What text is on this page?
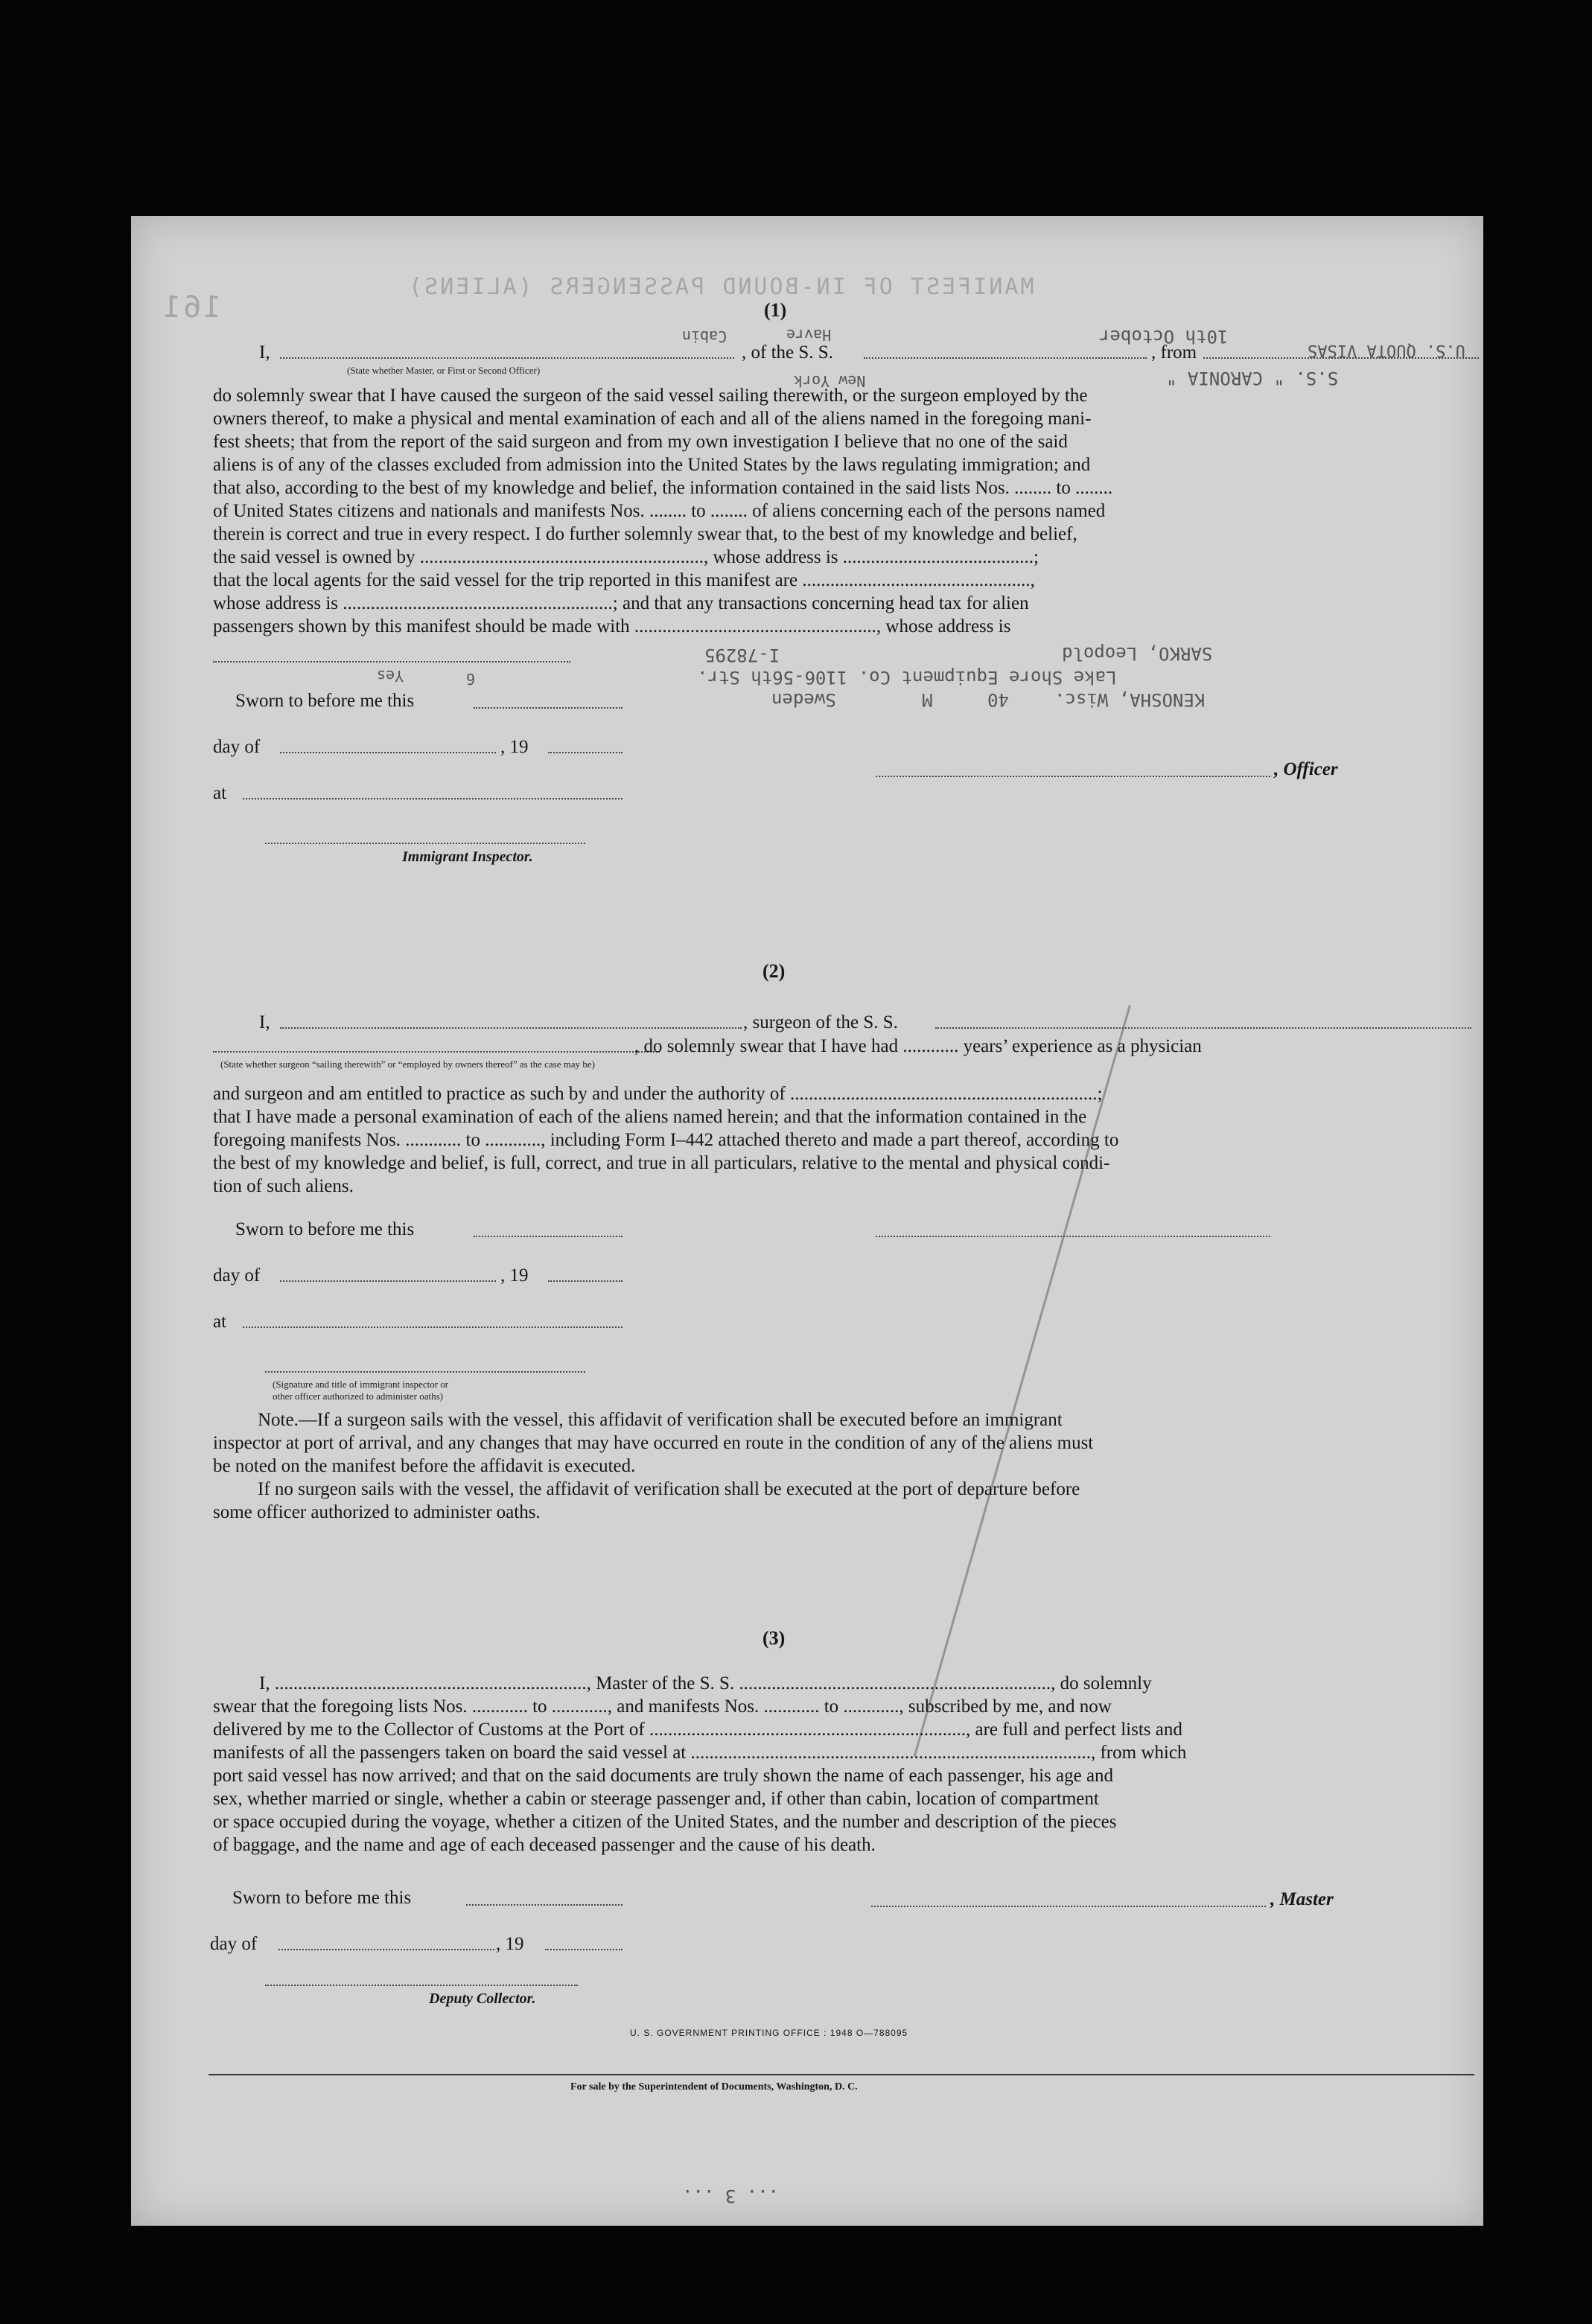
MANIFEST OF IN-BOUND PASSENGERS (ALIENS)
161
10th October
Havre
Cabin
U.S. QUOTA VISAS
S.S. " CARONIA "
New York
SARKO, Leopold
Lake Shore Equipment Co. 1106-56th Str.
KENOSHA, Wisc.
40
M
Sweden
I-78295
Yes	6
... 3 ...
(1)
I,	, of the S. S.	, from
(State whether Master, or First or Second Officer)
do solemnly swear that I have caused the surgeon of the said vessel sailing therewith, or the surgeon employed by the
owners thereof, to make a physical and mental examination of each and all of the aliens named in the foregoing mani-
fest sheets; that from the report of the said surgeon and from my own investigation I believe that no one of the said
aliens is of any of the classes excluded from admission into the United States by the laws regulating immigration; and
that also, according to the best of my knowledge and belief, the information contained in the said lists Nos. ........ to ........
of United States citizens and nationals and manifests Nos. ........ to ........ of aliens concerning each of the persons named
therein is correct and true in every respect. I do further solemnly swear that, to the best of my knowledge and belief,
the said vessel is owned by ............................................................., whose address is .........................................;
that the local agents for the said vessel for the trip reported in this manifest are .................................................,
whose address is ..........................................................; and that any transactions concerning head tax for alien
passengers shown by this manifest should be made with ...................................................., whose address is
Sworn to before me this
day of	, 19
at
, Officer
Immigrant Inspector.
(2)
I,	, surgeon of the S. S.
, do solemnly swear that I have had ............ years’ experience as a physician
(State whether surgeon “sailing therewith” or “employed by owners thereof” as the case may be)
and surgeon and am entitled to practice as such by and under the authority of ..................................................................;
that I have made a personal examination of each of the aliens named herein; and that the information contained in the
foregoing manifests Nos. ............ to ............, including Form I–442 attached thereto and made a part thereof, according to
the best of my knowledge and belief, is full, correct, and true in all particulars, relative to the mental and physical condi-
tion of such aliens.
Sworn to before me this
day of	, 19
at
(Signature and title of immigrant inspector or
other officer authorized to administer oaths)
Note.—If a surgeon sails with the vessel, this affidavit of verification shall be executed before an immigrant
inspector at port of arrival, and any changes that may have occurred en route in the condition of any of the aliens must
be noted on the manifest before the affidavit is executed.
If no surgeon sails with the vessel, the affidavit of verification shall be executed at the port of departure before
some officer authorized to administer oaths.
(3)
I, ..................................................................., Master of the S. S. ..................................................................., do solemnly
swear that the foregoing lists Nos. ............ to ............, and manifests Nos. ............ to ............, subscribed by me, and now
delivered by me to the Collector of Customs at the Port of ...................................................................., are full and perfect lists and
manifests of all the passengers taken on board the said vessel at ......................................................................................, from which
port said vessel has now arrived; and that on the said documents are truly shown the name of each passenger, his age and
sex, whether married or single, whether a cabin or steerage passenger and, if other than cabin, location of compartment
or space occupied during the voyage, whether a citizen of the United States, and the number and description of the pieces
of baggage, and the name and age of each deceased passenger and the cause of his death.
Sworn to before me this	, Master
day of	, 19
Deputy Collector.
U. S. GOVERNMENT PRINTING OFFICE : 1948 O—788095
For sale by the Superintendent of Documents, Washington, D. C.
